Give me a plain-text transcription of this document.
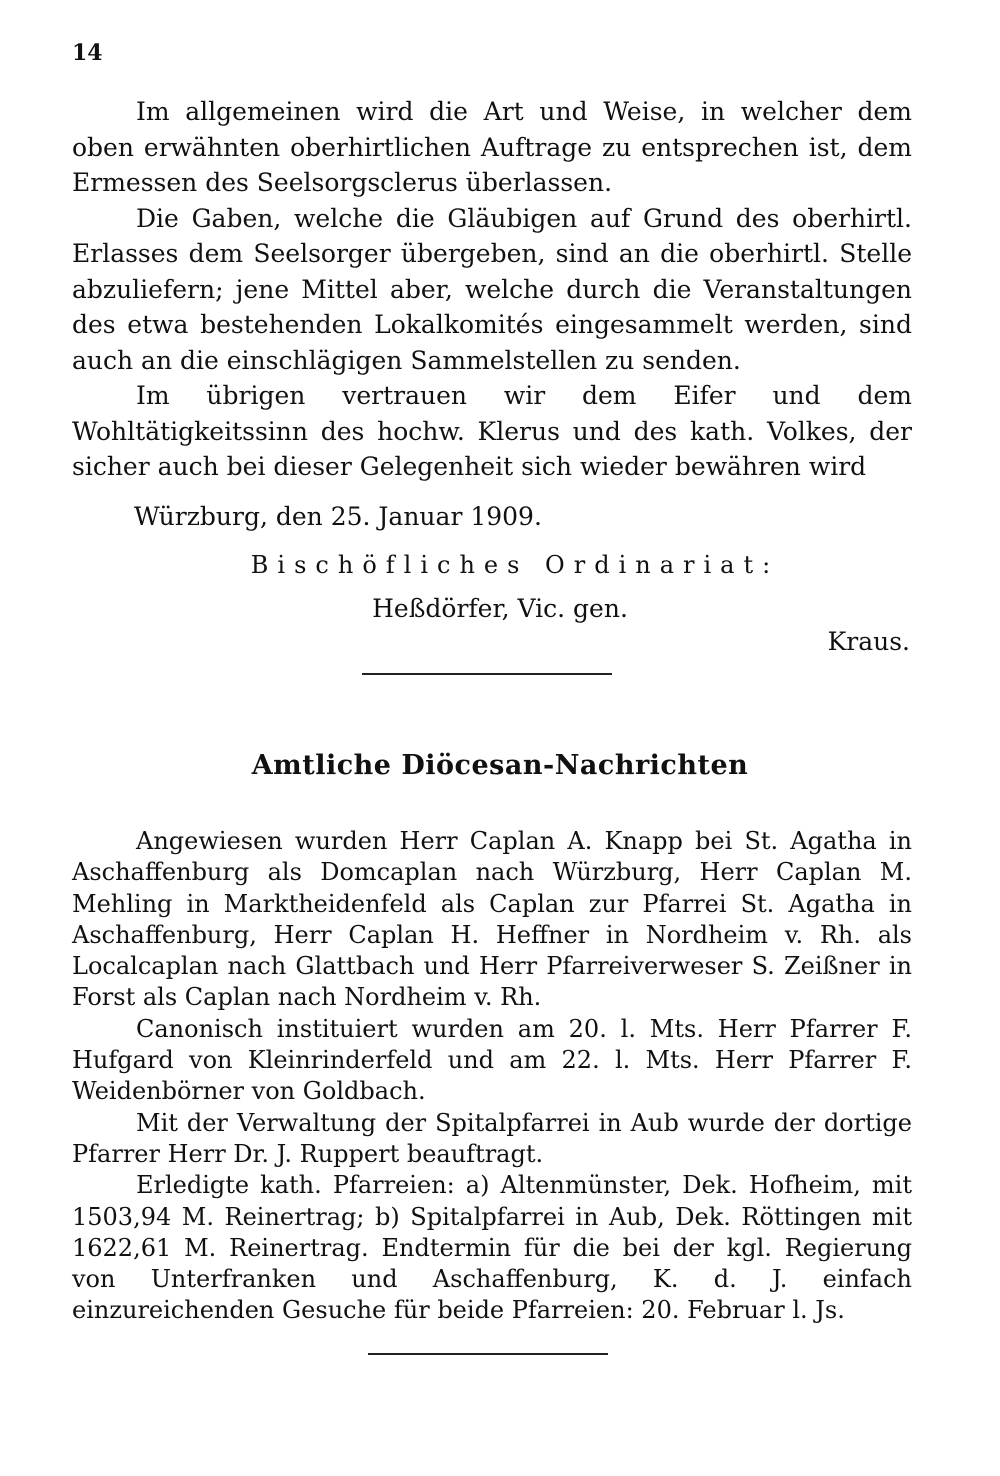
14

Im allgemeinen wird die Art und Weise, in welcher dem oben erwähnten oberhirtlichen Auftrage zu entsprechen ist, dem Ermessen des Seelsorgsclerus überlassen.

Die Gaben, welche die Gläubigen auf Grund des oberhirtl. Erlasses dem Seelsorger übergeben, sind an die oberhirtl. Stelle abzuliefern; jene Mittel aber, welche durch die Veranstaltungen des etwa bestehenden Lokalkomités eingesammelt werden, sind auch an die einschlägigen Sammelstellen zu senden.

Im übrigen vertrauen wir dem Eifer und dem Wohltätigkeitssinn des hochw. Klerus und des kath. Volkes, der sicher auch bei dieser Gelegenheit sich wieder bewähren wird

Würzburg, den 25. Januar 1909.
Bischöfliches Ordinariat:
Heßdörfer, Vic. gen.
Kraus.
Amtliche Diöcesan-Nachrichten

Angewiesen wurden Herr Caplan A. Knapp bei St. Agatha in Aschaffenburg als Domcaplan nach Würzburg, Herr Caplan M. Mehling in Marktheidenfeld als Caplan zur Pfarrei St. Agatha in Aschaffenburg, Herr Caplan H. Heffner in Nordheim v. Rh. als Localcaplan nach Glattbach und Herr Pfarreiverweser S. Zeißner in Forst als Caplan nach Nordheim v. Rh.

Canonisch instituiert wurden am 20. l. Mts. Herr Pfarrer F. Hufgard von Kleinrinderfeld und am 22. l. Mts. Herr Pfarrer F. Weidenbörner von Goldbach.

Mit der Verwaltung der Spitalpfarrei in Aub wurde der dortige Pfarrer Herr Dr. J. Ruppert beauftragt.

Erledigte kath. Pfarreien: a) Altenmünster, Dek. Hofheim, mit 1503,94 M. Reinertrag; b) Spitalpfarrei in Aub, Dek. Röttingen mit 1622,61 M. Reinertrag. Endtermin für die bei der kgl. Regierung von Unterfranken und Aschaffenburg, K. d. J. einfach einzureichenden Gesuche für beide Pfarreien: 20. Februar l. Js.
